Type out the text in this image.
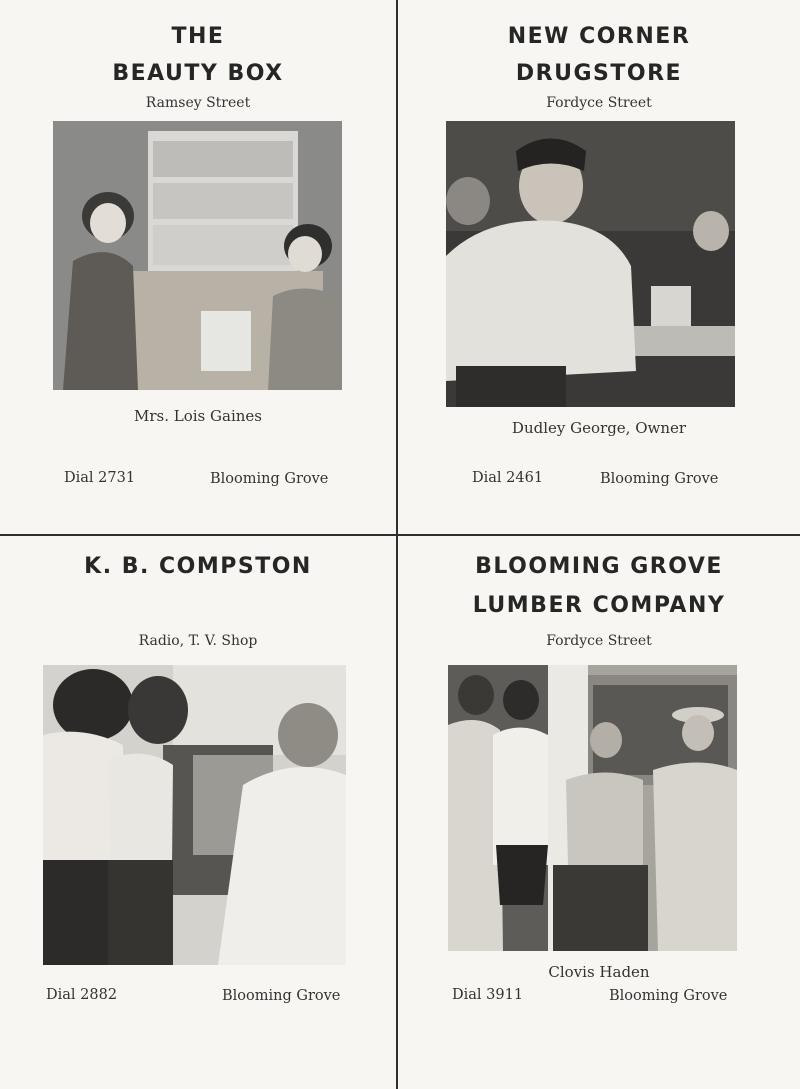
THE
BEAUTY BOX
Ramsey Street
Mrs. Lois Gaines
Dial 2731	Blooming Grove
NEW CORNER
DRUGSTORE
Fordyce Street
Dudley George, Owner
Dial 2461	Blooming Grove
K. B. COMPSTON
Radio, T. V. Shop
Dial 2882	Blooming Grove
BLOOMING GROVE
LUMBER COMPANY
Fordyce Street
Clovis Haden
Dial 3911	Blooming Grove
